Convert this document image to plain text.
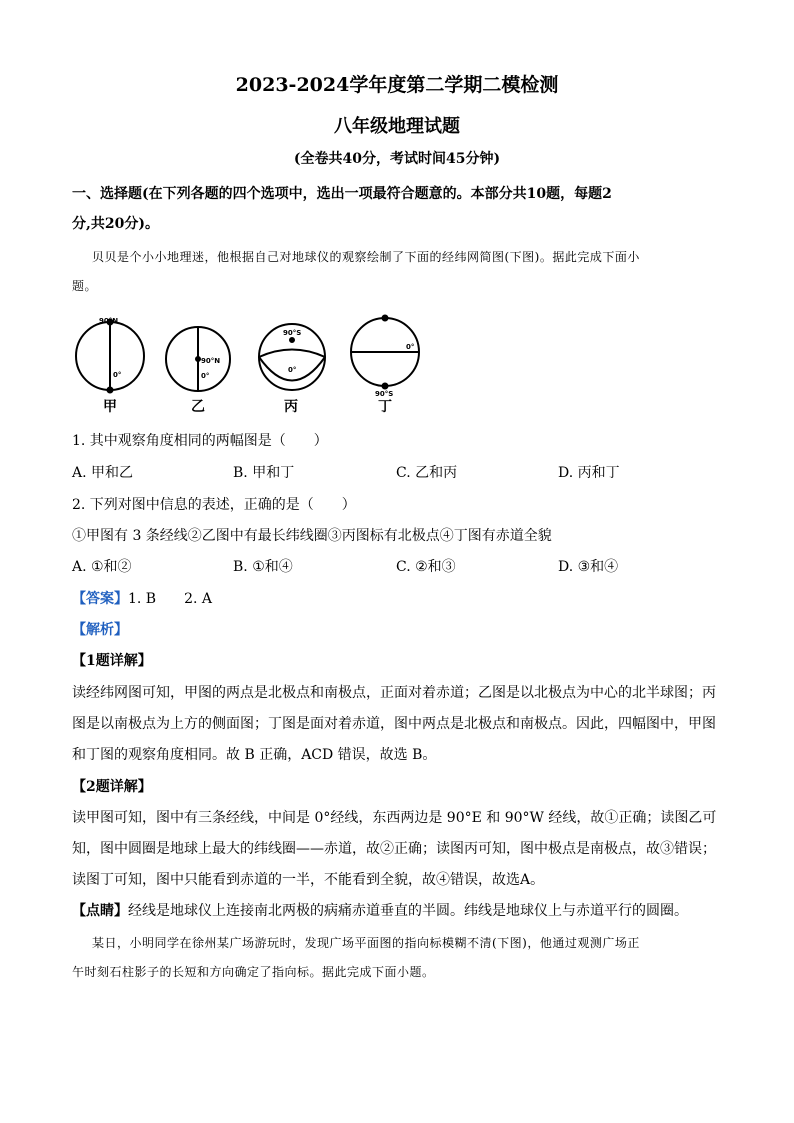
2023-2024学年度第二学期二模检测
八年级地理试题
(全卷共40分，考试时间45分钟)
一、选择题(在下列各题的四个选项中，选出一项最符合题意的。本部分共10题，每题2
分,共20分)。
贝贝是个小小地理迷，他根据自己对地球仪的观察绘制了下面的经纬网简图(下图)。据此完成下面小
题。
90°N
0°
甲
90°N
0°
乙
90°S
0°
丙
0°
90°S
丁
1. 其中观察角度相同的两幅图是（　　）
A. 甲和乙	B. 甲和丁	C. 乙和丙	D. 丙和丁
2. 下列对图中信息的表述，正确的是（　　）
①甲图有 3 条经线②乙图中有最长纬线圈③丙图标有北极点④丁图有赤道全貌
A. ①和②	B. ①和④	C. ②和③	D. ③和④
【答案】1. B　　2. A
【解析】
【1题详解】
读经纬网图可知，甲图的两点是北极点和南极点，正面对着赤道；乙图是以北极点为中心的北半球图；丙
图是以南极点为上方的侧面图；丁图是面对着赤道，图中两点是北极点和南极点。因此，四幅图中，甲图
和丁图的观察角度相同。故 B 正确，ACD 错误，故选 B。
【2题详解】
读甲图可知，图中有三条经线，中间是 0°经线，东西两边是 90°E 和 90°W 经线，故①正确；读图乙可
知，图中圆圈是地球上最大的纬线圈——赤道，故②正确；读图丙可知，图中极点是南极点，故③错误；
读图丁可知，图中只能看到赤道的一半，不能看到全貌，故④错误，故选A。
【点睛】经线是地球仪上连接南北两极的病痛赤道垂直的半圆。纬线是地球仪上与赤道平行的圆圈。
某日，小明同学在徐州某广场游玩时，发现广场平面图的指向标模糊不清(下图)，他通过观测广场正
午时刻石柱影子的长短和方向确定了指向标。据此完成下面小题。
